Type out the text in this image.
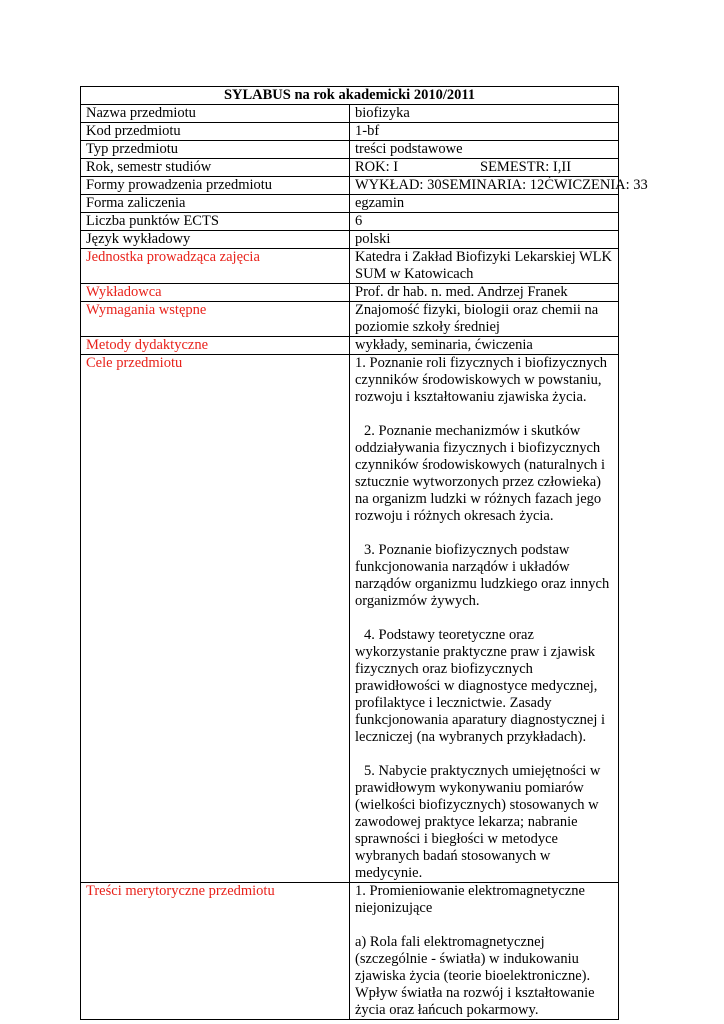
SYLABUS na rok akademicki 2010/2011	
Nazwa przedmiotu	biofizyka
Kod przedmiotu	1-bf
Typ przedmiotu	treści podstawowe
Rok, semestr studiów	ROK: I SEMESTR: I,II

Formy prowadzenia przedmiotu	WYKŁAD: 30 SEMINARIA: 12 ĆWICZENIA: 33

Forma zaliczenia	egzamin
Liczba punktów ECTS	6
Język wykładowy	polski
Jednostka prowadząca zajęcia	Katedra i Zakład Biofizyki Lekarskiej WLK SUM w Katowicach
Wykładowca	Prof. dr hab. n. med. Andrzej Franek
Wymagania wstępne	Znajomość fizyki, biologii oraz chemii na poziomie szkoły średniej
Metody dydaktyczne	wykłady, seminaria, ćwiczenia
Cele przedmiotu	1. Poznanie roli fizycznych i biofizycznych czynników środowiskowych w powstaniu, rozwoju i kształtowaniu zjawiska życia.

2. Poznanie mechanizmów i skutków oddziaływania fizycznych i biofizycznych czynników środowiskowych (naturalnych i sztucznie wytworzonych przez człowieka) na organizm ludzki w różnych fazach jego rozwoju i różnych okresach życia.

3. Poznanie biofizycznych podstaw funkcjonowania narządów i układów narządów organizmu ludzkiego oraz innych organizmów żywych.

4. Podstawy teoretyczne oraz wykorzystanie praktyczne praw i zjawisk fizycznych oraz biofizycznych prawidłowości w diagnostyce medycznej, profilaktyce i lecznictwie. Zasady funkcjonowania aparatury diagnostycznej i leczniczej (na wybranych przykładach).

5. Nabycie praktycznych umiejętności w prawidłowym wykonywaniu pomiarów (wielkości biofizycznych) stosowanych w zawodowej praktyce lekarza; nabranie sprawności i biegłości w metodyce wybranych badań stosowanych w medycynie.

Treści merytoryczne przedmiotu	1. Promieniowanie elektromagnetyczne niejonizujące

a) Rola fali elektromagnetycznej (szczególnie - światła) w indukowaniu zjawiska życia (teorie bioelektroniczne). Wpływ światła na rozwój i kształtowanie życia oraz łańcuch pokarmowy.
